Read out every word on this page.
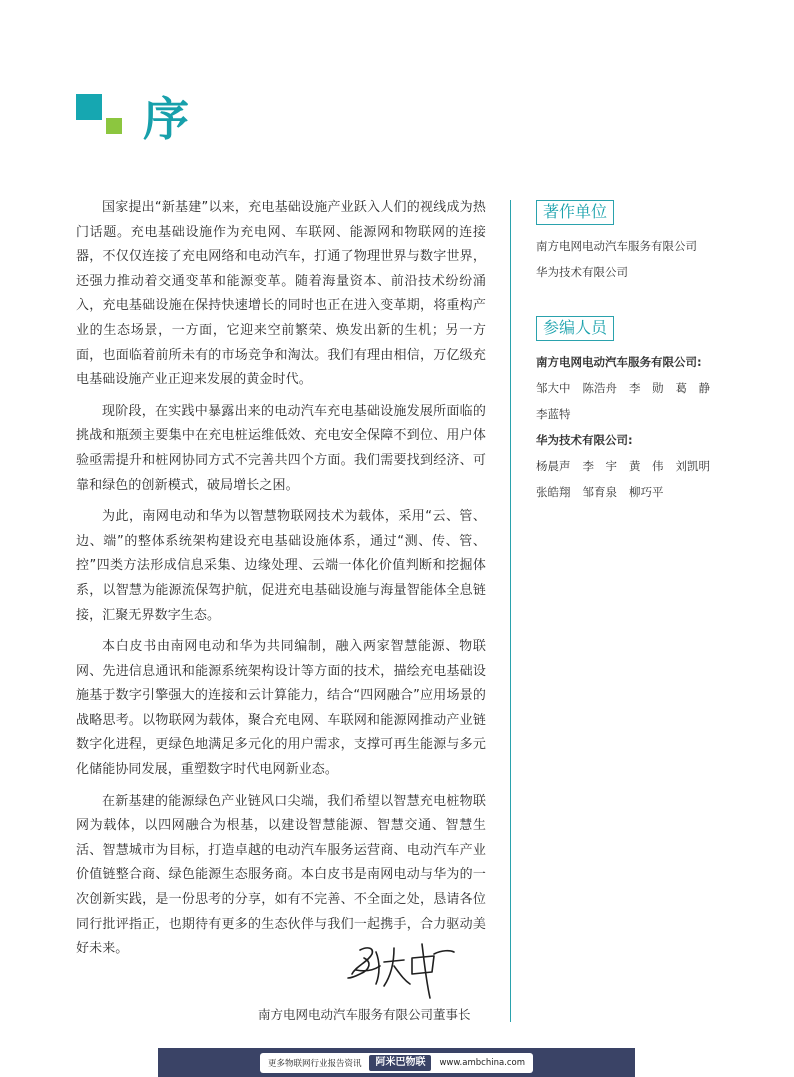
序

国家提出“新基建”以来，充电基础设施产业跃入人们的视线成为热门话题。充电基础设施作为充电网、车联网、能源网和物联网的连接器，不仅仅连接了充电网络和电动汽车，打通了物理世界与数字世界，还强力推动着交通变革和能源变革。随着海量资本、前沿技术纷纷涌入，充电基础设施在保持快速增长的同时也正在进入变革期，将重构产业的生态场景，一方面，它迎来空前繁荣、焕发出新的生机；另一方面，也面临着前所未有的市场竞争和淘汰。我们有理由相信，万亿级充电基础设施产业正迎来发展的黄金时代。

现阶段，在实践中暴露出来的电动汽车充电基础设施发展所面临的挑战和瓶颈主要集中在充电桩运维低效、充电安全保障不到位、用户体验亟需提升和桩网协同方式不完善共四个方面。我们需要找到经济、可靠和绿色的创新模式，破局增长之困。

为此，南网电动和华为以智慧物联网技术为载体，采用“云、管、边、端”的整体系统架构建设充电基础设施体系，通过“测、传、管、控”四类方法形成信息采集、边缘处理、云端一体化价值判断和挖掘体系，以智慧为能源流保驾护航，促进充电基础设施与海量智能体全息链接，汇聚无界数字生态。

本白皮书由南网电动和华为共同编制，融入两家智慧能源、物联网、先进信息通讯和能源系统架构设计等方面的技术，描绘充电基础设施基于数字引擎强大的连接和云计算能力，结合“四网融合”应用场景的战略思考。以物联网为载体，聚合充电网、车联网和能源网推动产业链数字化进程，更绿色地满足多元化的用户需求，支撑可再生能源与多元化储能协同发展，重塑数字时代电网新业态。

在新基建的能源绿色产业链风口尖端，我们希望以智慧充电桩物联网为载体，以四网融合为根基，以建设智慧能源、智慧交通、智慧生活、智慧城市为目标，打造卓越的电动汽车服务运营商、电动汽车产业价值链整合商、绿色能源生态服务商。本白皮书是南网电动与华为的一次创新实践，是一份思考的分享，如有不完善、不全面之处，恳请各位同行批评指正，也期待有更多的生态伙伴与我们一起携手，合力驱动美好未来。

著作单位
南方电网电动汽车服务有限公司
华为技术有限公司
参编人员
南方电网电动汽车服务有限公司:
邹大中 陈浩舟 李　勋 葛　静
李蓝特
华为技术有限公司:
杨晨声 李　宇 黄　伟 刘凯明
张皓翔 邹育泉 柳巧平
南方电网电动汽车服务有限公司董事长
更多物联网行业报告资讯	阿米巴物联	www.ambchina.com
